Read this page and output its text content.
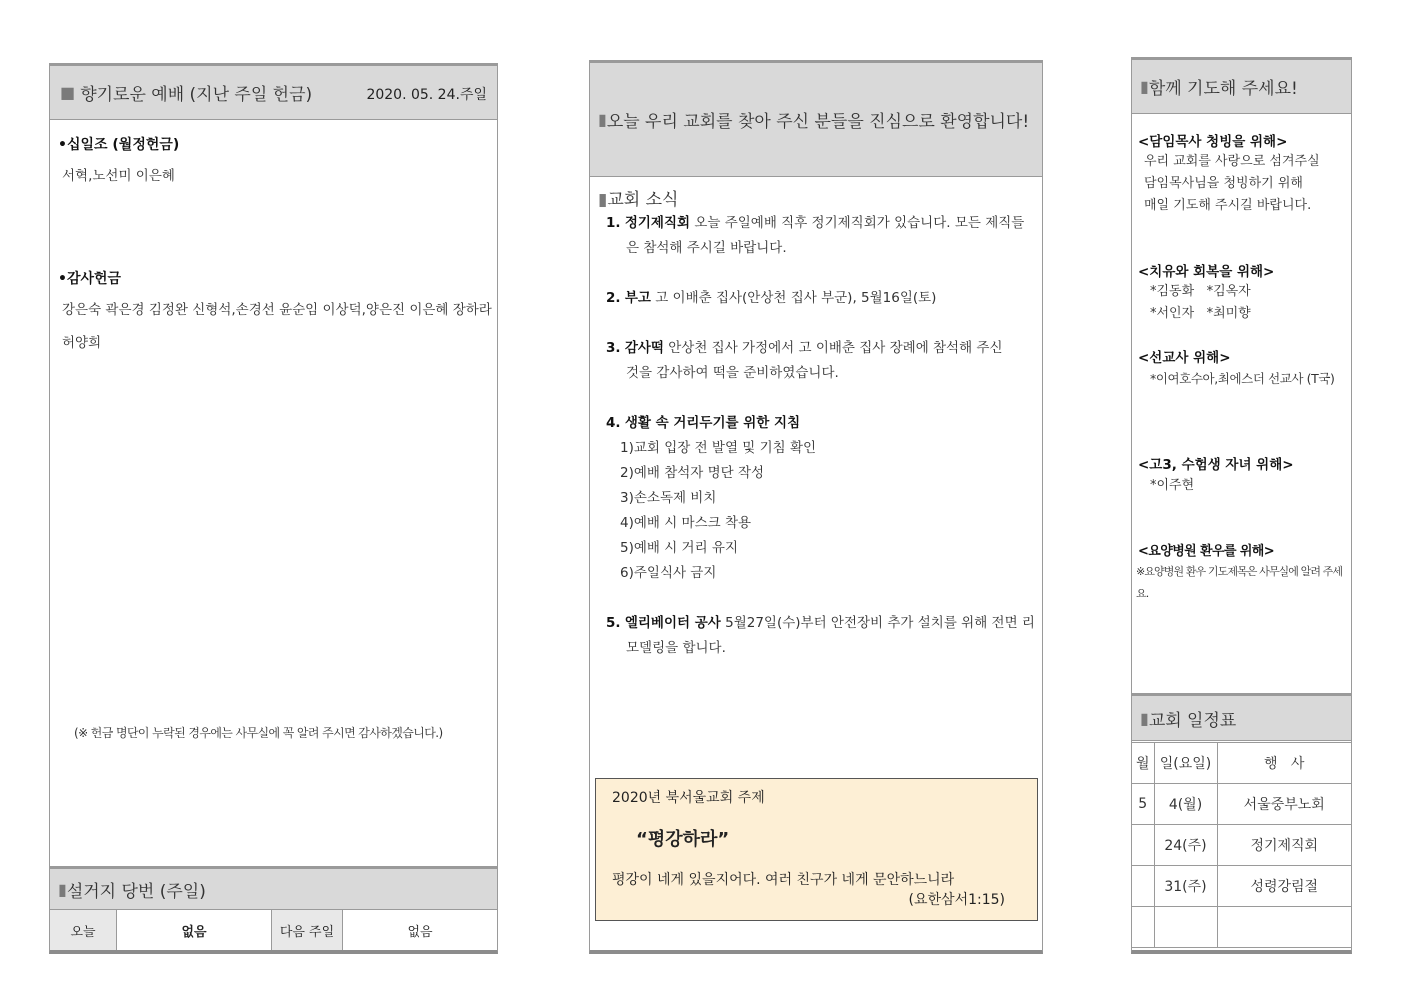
■ 향기로운 예배 (지난 주일 헌금)	2020. 05. 24.주일
•십일조 (월정헌금)
서혁,노선미 이은혜
•감사헌금
강은숙 곽은경 김정완 신형석,손경선 윤순임 이상덕,양은진 이은혜 장하라
허양희
(※ 헌금 명단이 누락된 경우에는 사무실에 꼭 알려 주시면 감사하겠습니다.)
▮ 설거지 당번 (주일)
오늘	없음	다음 주일	없음
▮ 오늘 우리 교회를 찾아 주신 분들을 진심으로 환영합니다!
▮교회 소식
1. 정기제직회 오늘 주일예배 직후 정기제직회가 있습니다. 모든 제직들
은 참석해 주시길 바랍니다.
2. 부고 고 이배춘 집사(안상천 집사 부군), 5월16일(토)
3. 감사떡 안상천 집사 가정에서 고 이배춘 집사 장례에 참석해 주신
것을 감사하여 떡을 준비하였습니다.
4. 생활 속 거리두기를 위한 지침
1)교회 입장 전 발열 및 기침 확인
2)예배 참석자 명단 작성
3)손소독제 비치
4)예배 시 마스크 착용
5)예배 시 거리 유지
6)주일식사 금지
5. 엘리베이터 공사 5월27일(수)부터 안전장비 추가 설치를 위해 전면 리
모델링을 합니다.
2020년 북서울교회 주제
“평강하라”
평강이 네게 있을지어다. 여러 친구가 네게 문안하느니라
(요한삼서1:15)
▮ 함께 기도해 주세요!
<담임목사 청빙을 위해>
우리 교회를 사랑으로 섬겨주실
담임목사님을 청빙하기 위해
매일 기도해 주시길 바랍니다.
<치유와 회복을 위해>
*김동화   *김옥자
*서인자   *최미향
<선교사 위해>
*이여호수아,최에스더 선교사 (T국)
<고3, 수험생 자녀 위해>
*이주현
<요양병원 환우를 위해>
※요양병원 환우 기도제목은 사무실에 알려 주세요.
▮ 교회 일정표
월	일(요일)	행   사
5	4(월)	서울중부노회
	24(주)	정기제직회
	31(주)	성령강림절
